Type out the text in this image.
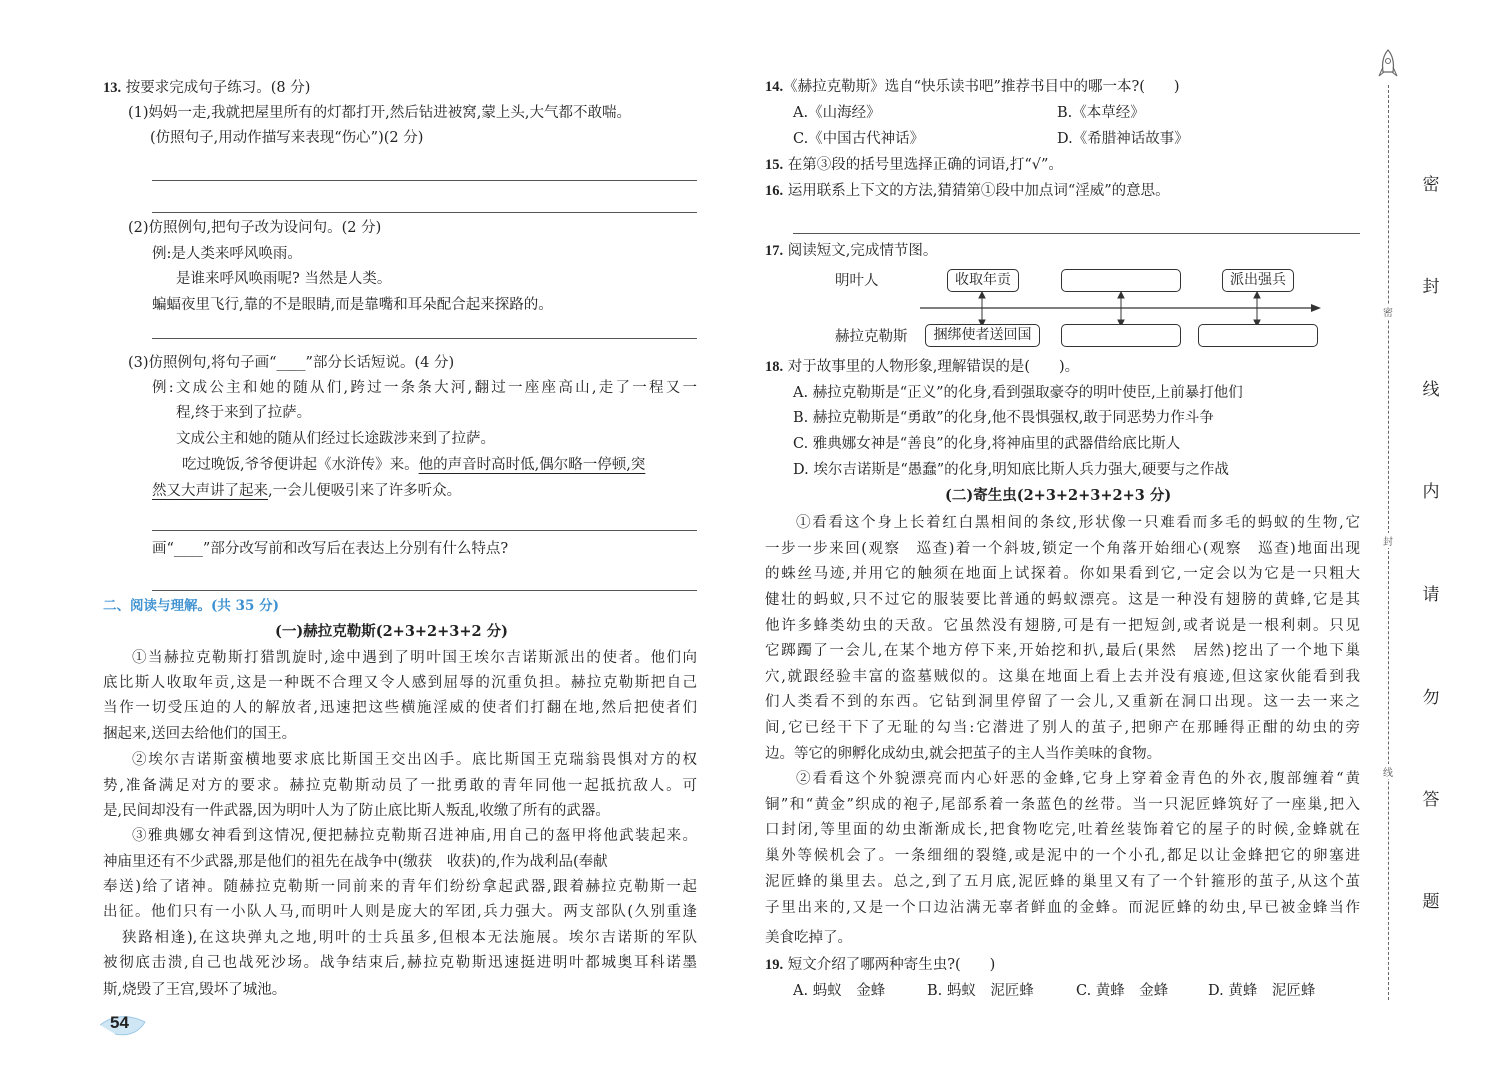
13. 按要求完成句子练习。(8 分)
(1)妈妈一走,我就把屋里所有的灯都打开,然后钻进被窝,蒙上头,大气都不敢喘。
(仿照句子,用动作描写来表现“伤心”)(2 分)
(2)仿照例句,把句子改为设问句。(2 分)
例:是人类来呼风唤雨。
是谁来呼风唤雨呢? 当然是人类。
蝙蝠夜里飞行,靠的不是眼睛,而是靠嘴和耳朵配合起来探路的。
(3)仿照例句,将句子画“____”部分长话短说。(4 分)
例:文成公主和她的随从们,跨过一条条大河,翻过一座座高山,走了一程又一
程,终于来到了拉萨。
文成公主和她的随从们经过长途跋涉来到了拉萨。
吃过晚饭,爷爷便讲起《水浒传》来。他的声音时高时低,偶尔略一停顿,突
然又大声讲了起来,一会儿便吸引来了许多听众。
画“____”部分改写前和改写后在表达上分别有什么特点?
二、阅读与理解。(共 35 分)
(一)赫拉克勒斯(2+3+2+3+2 分)
①当赫拉克勒斯打猎凯旋时,途中遇到了明叶国王埃尔吉诺斯派出的使者。他们向
底比斯人收取年贡,这是一种既不合理又令人感到屈辱的沉重负担。赫拉克勒斯把自己
当作一切受压迫的人的解放者,迅速把这些横施淫威的使者们打翻在地,然后把使者们
捆起来,送回去给他们的国王。
②埃尔吉诺斯蛮横地要求底比斯国王交出凶手。底比斯国王克瑞翁畏惧对方的权
势,准备满足对方的要求。赫拉克勒斯动员了一批勇敢的青年同他一起抵抗敌人。可
是,民间却没有一件武器,因为明叶人为了防止底比斯人叛乱,收缴了所有的武器。
③雅典娜女神看到这情况,便把赫拉克勒斯召进神庙,用自己的盔甲将他武装起来。
神庙里还有不少武器,那是他们的祖先在战争中(缴获　收获)的,作为战利品(奉献
奉送)给了诸神。随赫拉克勒斯一同前来的青年们纷纷拿起武器,跟着赫拉克勒斯一起
出征。他们只有一小队人马,而明叶人则是庞大的军团,兵力强大。两支部队(久别重逢
狭路相逢),在这块弹丸之地,明叶的士兵虽多,但根本无法施展。埃尔吉诺斯的军队
被彻底击溃,自己也战死沙场。战争结束后,赫拉克勒斯迅速挺进明叶都城奥耳科诺墨
斯,烧毁了王宫,毁坏了城池。
54
14.《赫拉克勒斯》选自“快乐读书吧”推荐书目中的哪一本?(　　)
A.《山海经》	B.《本草经》
C.《中国古代神话》	D.《希腊神话故事》
15. 在第③段的括号里选择正确的词语,打“√”。
16. 运用联系上下文的方法,猜猜第①段中加点词“淫威”的意思。
17. 阅读短文,完成情节图。
明叶人
赫拉克勒斯
收取年贡	派出强兵
捆绑使者送回国
18. 对于故事里的人物形象,理解错误的是(　　)。
A. 赫拉克勒斯是“正义”的化身,看到强取豪夺的明叶使臣,上前暴打他们
B. 赫拉克勒斯是“勇敢”的化身,他不畏惧强权,敢于同恶势力作斗争
C. 雅典娜女神是“善良”的化身,将神庙里的武器借给底比斯人
D. 埃尔吉诺斯是“愚蠢”的化身,明知底比斯人兵力强大,硬要与之作战
(二)寄生虫(2+3+2+3+2+3 分)
①看看这个身上长着红白黑相间的条纹,形状像一只难看而多毛的蚂蚁的生物,它
一步一步来回(观察　巡查)着一个斜坡,锁定一个角落开始细心(观察　巡查)地面出现
的蛛丝马迹,并用它的触须在地面上试探着。你如果看到它,一定会以为它是一只粗大
健壮的蚂蚁,只不过它的服装要比普通的蚂蚁漂亮。这是一种没有翅膀的黄蜂,它是其
他许多蜂类幼虫的天敌。它虽然没有翅膀,可是有一把短剑,或者说是一根利刺。只见
它踯躅了一会儿,在某个地方停下来,开始挖和扒,最后(果然　居然)挖出了一个地下巢
穴,就跟经验丰富的盗墓贼似的。这巢在地面上看上去并没有痕迹,但这家伙能看到我
们人类看不到的东西。它钻到洞里停留了一会儿,又重新在洞口出现。这一去一来之
间,它已经干下了无耻的勾当:它潜进了别人的茧子,把卵产在那睡得正酣的幼虫的旁
边。等它的卵孵化成幼虫,就会把茧子的主人当作美味的食物。
②看看这个外貌漂亮而内心奸恶的金蜂,它身上穿着金青色的外衣,腹部缠着“黄
铜”和“黄金”织成的袍子,尾部系着一条蓝色的丝带。当一只泥匠蜂筑好了一座巢,把入
口封闭,等里面的幼虫渐渐成长,把食物吃完,吐着丝装饰着它的屋子的时候,金蜂就在
巢外等候机会了。一条细细的裂缝,或是泥中的一个小孔,都足以让金蜂把它的卵塞进
泥匠蜂的巢里去。总之,到了五月底,泥匠蜂的巢里又有了一个针箍形的茧子,从这个茧
子里出来的,又是一个口边沾满无辜者鲜血的金蜂。而泥匠蜂的幼虫,早已被金蜂当作
美食吃掉了。
19. 短文介绍了哪两种寄生虫?(　　)
A. 蚂蚁　金蜂	B. 蚂蚁　泥匠蜂	C. 黄蜂　金蜂	D. 黄蜂　泥匠蜂
密
封
线
密
封
线
内
请
勿
答
题
